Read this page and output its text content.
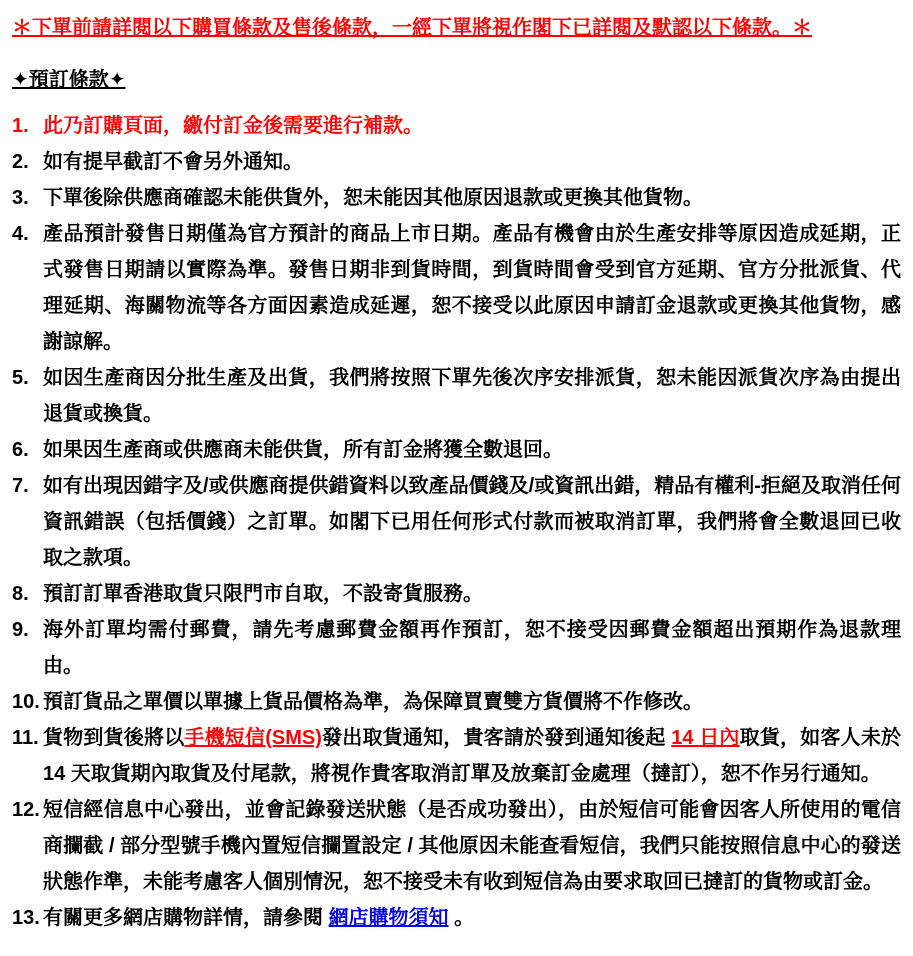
＊下單前請詳閱以下購買條款及售後條款，一經下單將視作閣下已詳閱及默認以下條款。＊
✦預訂條款✦
1. 此乃訂購頁面，繳付訂金後需要進行補款。
2. 如有提早截訂不會另外通知。
3. 下單後除供應商確認未能供貨外，恕未能因其他原因退款或更換其他貨物。
4. 產品預計發售日期僅為官方預計的商品上市日期。產品有機會由於生產安排等原因造成延期，正式發售日期請以實際為準。發售日期非到貨時間，到貨時間會受到官方延期、官方分批派貨、代理延期、海關物流等各方面因素造成延遲，恕不接受以此原因申請訂金退款或更換其他貨物，感謝諒解。
5. 如因生產商因分批生產及出貨，我們將按照下單先後次序安排派貨，恕未能因派貨次序為由提出退貨或換貨。
6. 如果因生產商或供應商未能供貨，所有訂金將獲全數退回。
7. 如有出現因錯字及/或供應商提供錯資料以致產品價錢及/或資訊出錯，精品有權利-拒絕及取消任何資訊錯誤（包括價錢）之訂單。如閣下已用任何形式付款而被取消訂單，我們將會全數退回已收取之款項。
8. 預訂訂單香港取貨只限門市自取，不設寄貨服務。
9. 海外訂單均需付郵費，請先考慮郵費金額再作預訂，恕不接受因郵費金額超出預期作為退款理由。
10. 預訂貨品之單價以單據上貨品價格為準，為保障買賣雙方貨價將不作修改。
11. 貨物到貨後將以手機短信(SMS)發出取貨通知，貴客請於發到通知後起 14 日內取貨，如客人未於 14 天取貨期內取貨及付尾款，將視作貴客取消訂單及放棄訂金處理（撻訂），恕不作另行通知。
12. 短信經信息中心發出，並會記錄發送狀態（是否成功發出），由於短信可能會因客人所使用的電信商攔截 / 部分型號手機內置短信攔置設定 / 其他原因未能查看短信，我們只能按照信息中心的發送狀態作準，未能考慮客人個別情況，恕不接受未有收到短信為由要求取回已撻訂的貨物或訂金。
13. 有關更多網店購物詳情，請參閱 網店購物須知 。
